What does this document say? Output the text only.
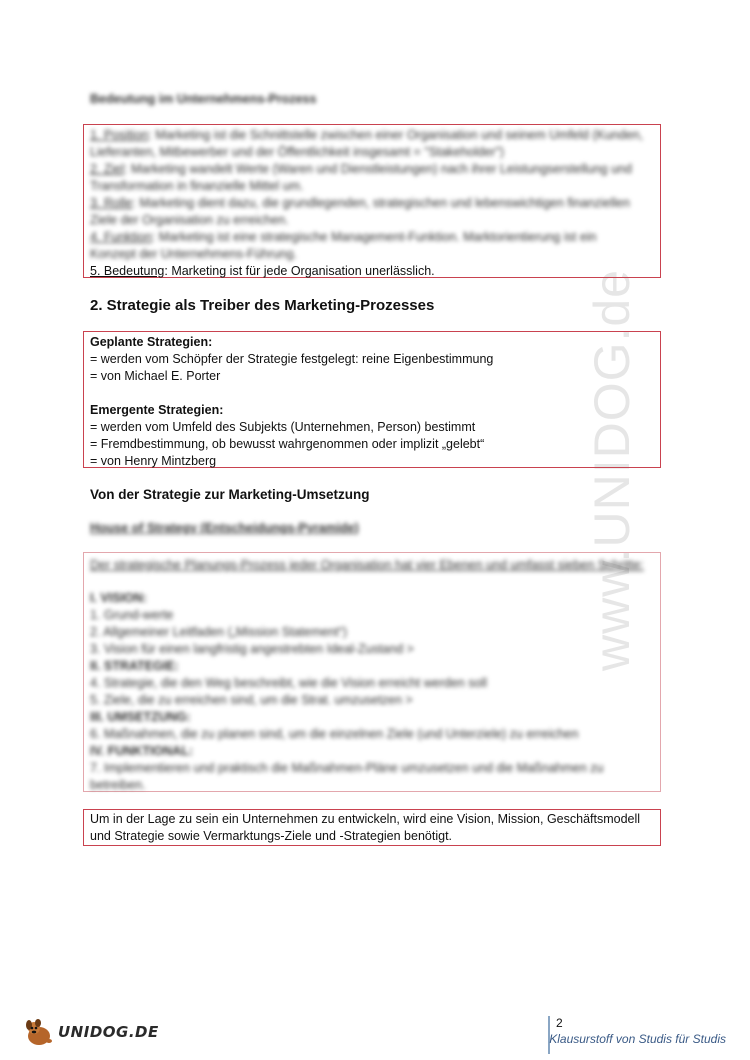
www.UNIDOG.de
Bedeutung im Unternehmens-Prozess
1. Position: Marketing ist die Schnittstelle zwischen einer Organisation und seinem Umfeld (Kunden,
Lieferanten, Mitbewerber und der Öffentlichkeit insgesamt = "Stakeholder")
2. Ziel: Marketing wandelt Werte (Waren und Dienstleistungen) nach ihrer Leistungserstellung und
Transformation in finanzielle Mittel um.
3. Rolle: Marketing dient dazu, die grundlegenden, strategischen und lebenswichtigen finanziellen
Ziele der Organisation zu erreichen.
4. Funktion: Marketing ist eine strategische Management-Funktion. Marktorientierung ist ein
Konzept der Unternehmens-Führung.
5. Bedeutung: Marketing ist für jede Organisation unerlässlich.
2. Strategie als Treiber des Marketing-Prozesses
Geplante Strategien:
= werden vom Schöpfer der Strategie festgelegt: reine Eigenbestimmung
= von Michael E. Porter
Emergente Strategien:
= werden vom Umfeld des Subjekts (Unternehmen, Person) bestimmt
= Fremdbestimmung, ob bewusst wahrgenommen oder implizit „gelebt“
= von Henry Mintzberg
Von der Strategie zur Marketing-Umsetzung
House of Strategy (Entscheidungs-Pyramide)
Der strategische Planungs-Prozess jeder Organisation hat vier Ebenen und umfasst sieben Schritte:
I. VISION:
1. Grund-werte
2. Allgemeiner Leitfaden („Mission Statement“)
3. Vision für einen langfristig angestrebten Ideal-Zustand >
II. STRATEGIE:
4. Strategie, die den Weg beschreibt, wie die Vision erreicht werden soll
5. Ziele, die zu erreichen sind, um die Strat. umzusetzen >
III. UMSETZUNG:
6. Maßnahmen, die zu planen sind, um die einzelnen Ziele (und Unterziele) zu erreichen
IV. FUNKTIONAL:
7. Implementieren und praktisch die Maßnahmen-Pläne umzusetzen und die Maßnahmen zu
betreiben.
Um in der Lage zu sein ein Unternehmen zu entwickeln, wird eine Vision, Mission, Geschäftsmodell
und Strategie sowie Vermarktungs-Ziele und -Strategien benötigt.
UNIDOG.DE	2
Klausurstoff von Studis für Studis
